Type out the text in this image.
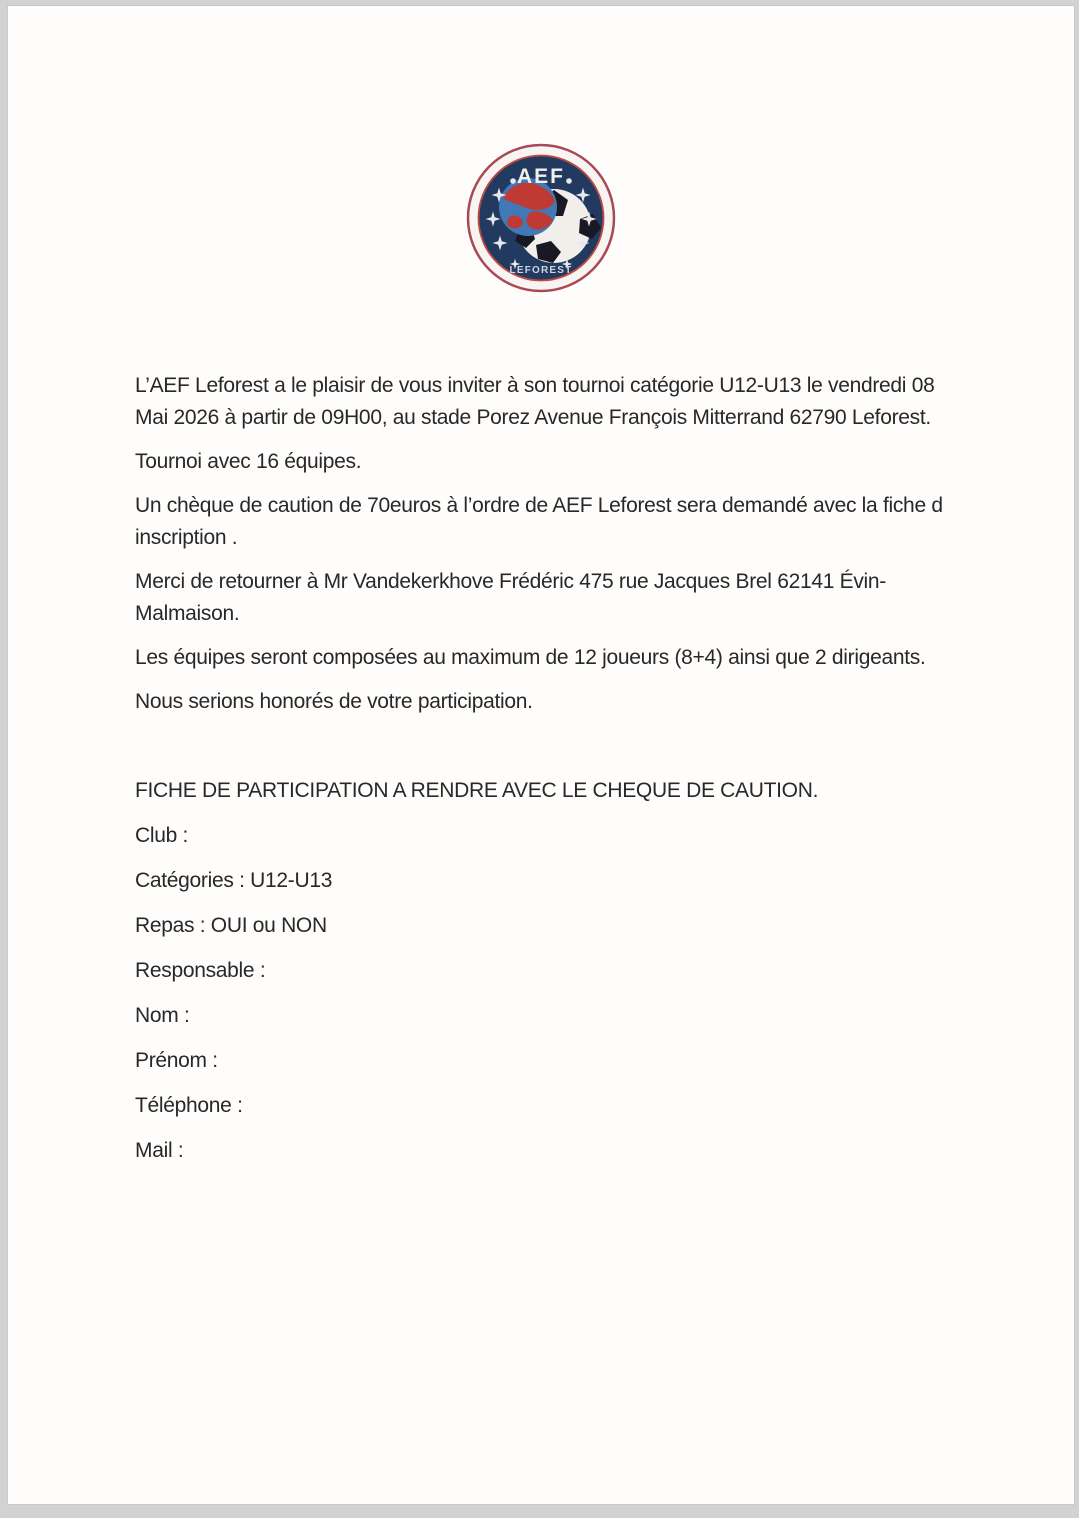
AEF
LEFOREST

L’AEF Leforest a le plaisir de vous inviter à son tournoi catégorie U12-U13 le vendredi 08
Mai 2026 à partir de 09H00, au stade Porez Avenue François Mitterrand 62790 Leforest.

Tournoi avec 16 équipes.

Un chèque de caution de 70euros à l’ordre de AEF Leforest sera demandé avec la fiche d
inscription .

Merci de retourner à Mr Vandekerkhove Frédéric 475 rue Jacques Brel 62141 Évin-
Malmaison.

Les équipes seront composées au maximum de 12 joueurs (8+4) ainsi que 2 dirigeants.

Nous serions honorés de votre participation.

FICHE DE PARTICIPATION A RENDRE AVEC LE CHEQUE DE CAUTION.

Club :

Catégories : U12-U13

Repas : OUI ou NON

Responsable :

Nom :

Prénom :

Téléphone :

Mail :
